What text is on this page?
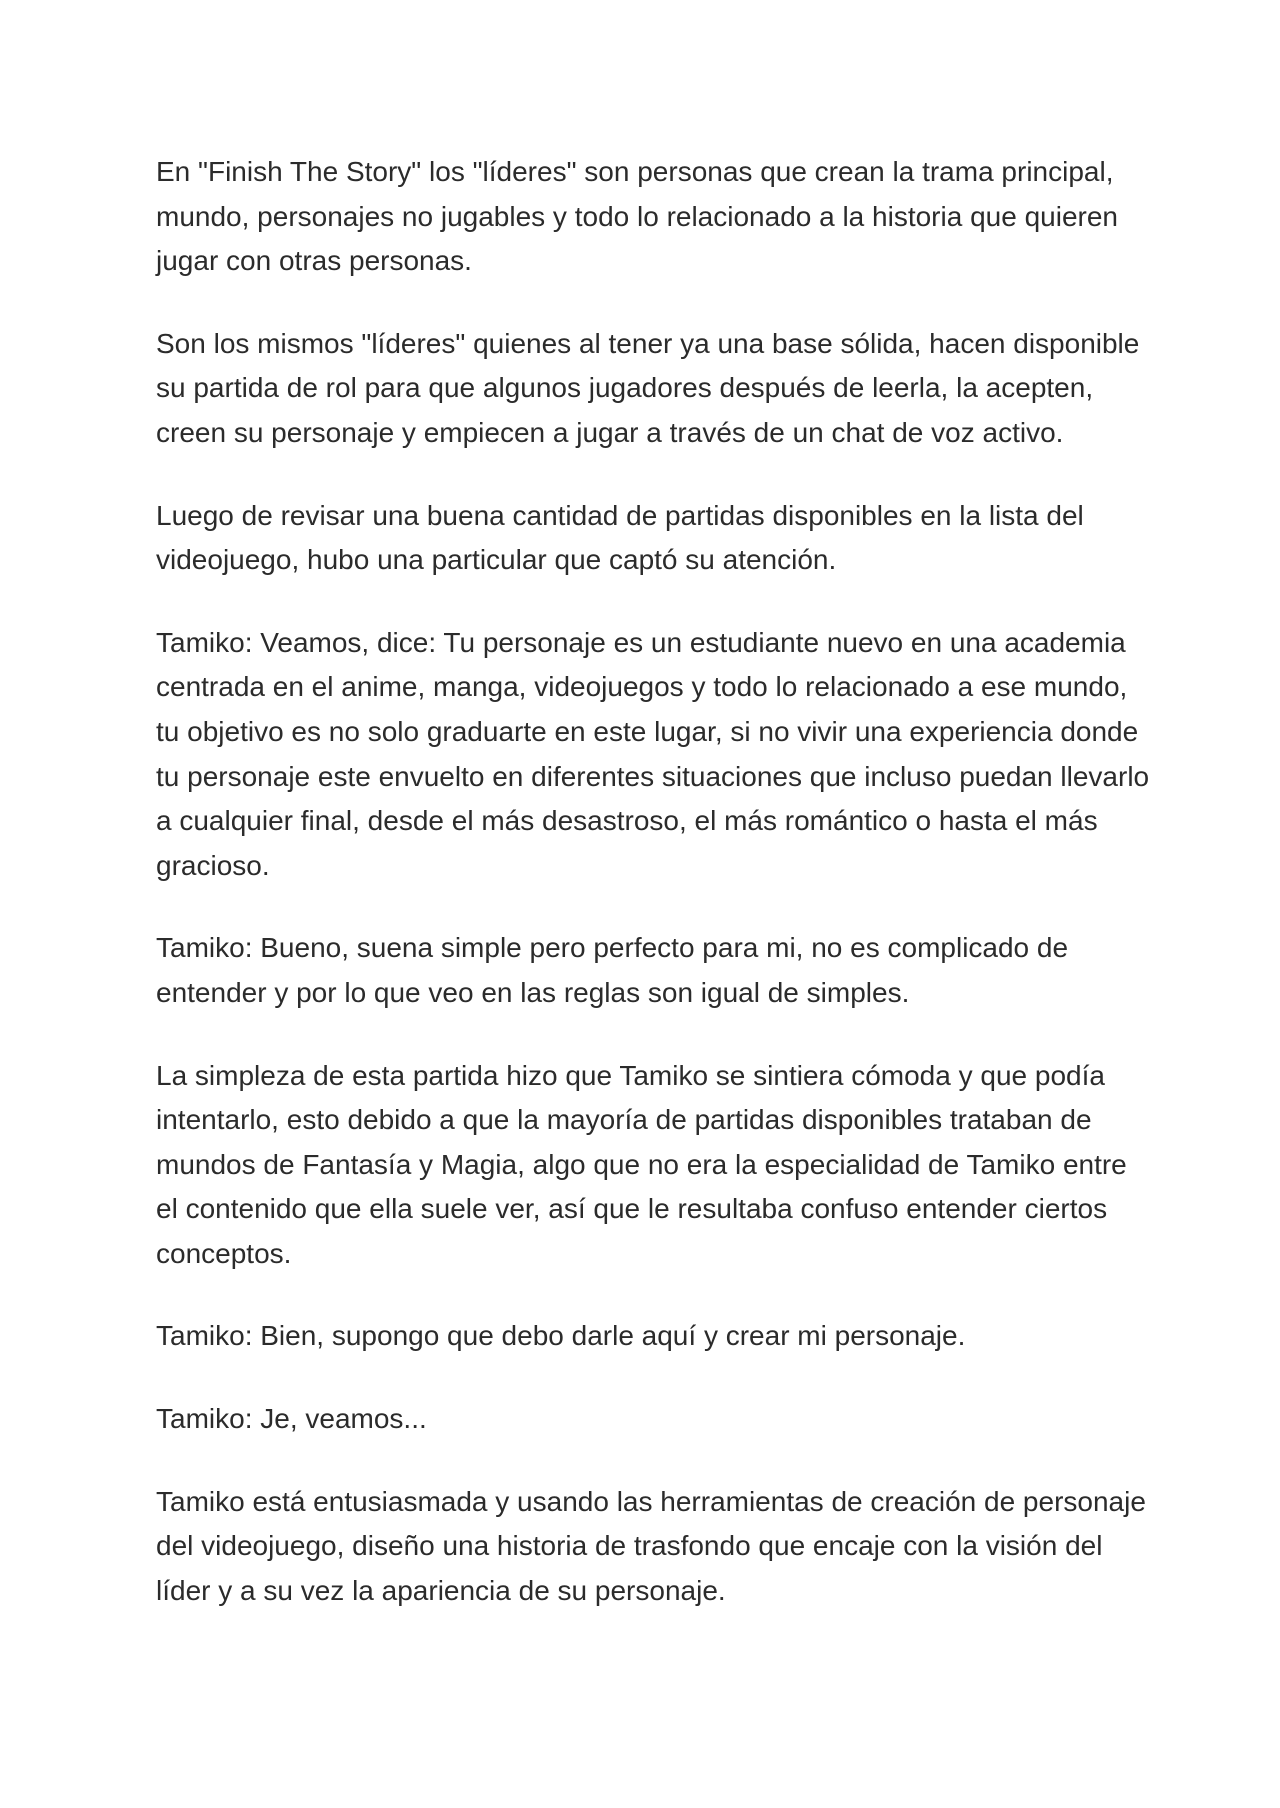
En "Finish The Story" los "líderes" son personas que crean la trama principal, mundo, personajes no jugables y todo lo relacionado a la historia que quieren jugar con otras personas.

Son los mismos "líderes" quienes al tener ya una base sólida, hacen disponible su partida de rol para que algunos jugadores después de leerla, la acepten, creen su personaje y empiecen a jugar a través de un chat de voz activo.

Luego de revisar una buena cantidad de partidas disponibles en la lista del videojuego, hubo una particular que captó su atención.

Tamiko: Veamos, dice: Tu personaje es un estudiante nuevo en una academia centrada en el anime, manga, videojuegos y todo lo relacionado a ese mundo, tu objetivo es no solo graduarte en este lugar, si no vivir una experiencia donde tu personaje este envuelto en diferentes situaciones que incluso puedan llevarlo a cualquier final, desde el más desastroso, el más romántico o hasta el más gracioso.

Tamiko: Bueno, suena simple pero perfecto para mi, no es complicado de entender y por lo que veo en las reglas son igual de simples.

La simpleza de esta partida hizo que Tamiko se sintiera cómoda y que podía intentarlo, esto debido a que la mayoría de partidas disponibles trataban de mundos de Fantasía y Magia, algo que no era la especialidad de Tamiko entre el contenido que ella suele ver, así que le resultaba confuso entender ciertos conceptos.

Tamiko: Bien, supongo que debo darle aquí y crear mi personaje.

Tamiko: Je, veamos...

Tamiko está entusiasmada y usando las herramientas de creación de personaje del videojuego, diseño una historia de trasfondo que encaje con la visión del líder y a su vez la apariencia de su personaje.
